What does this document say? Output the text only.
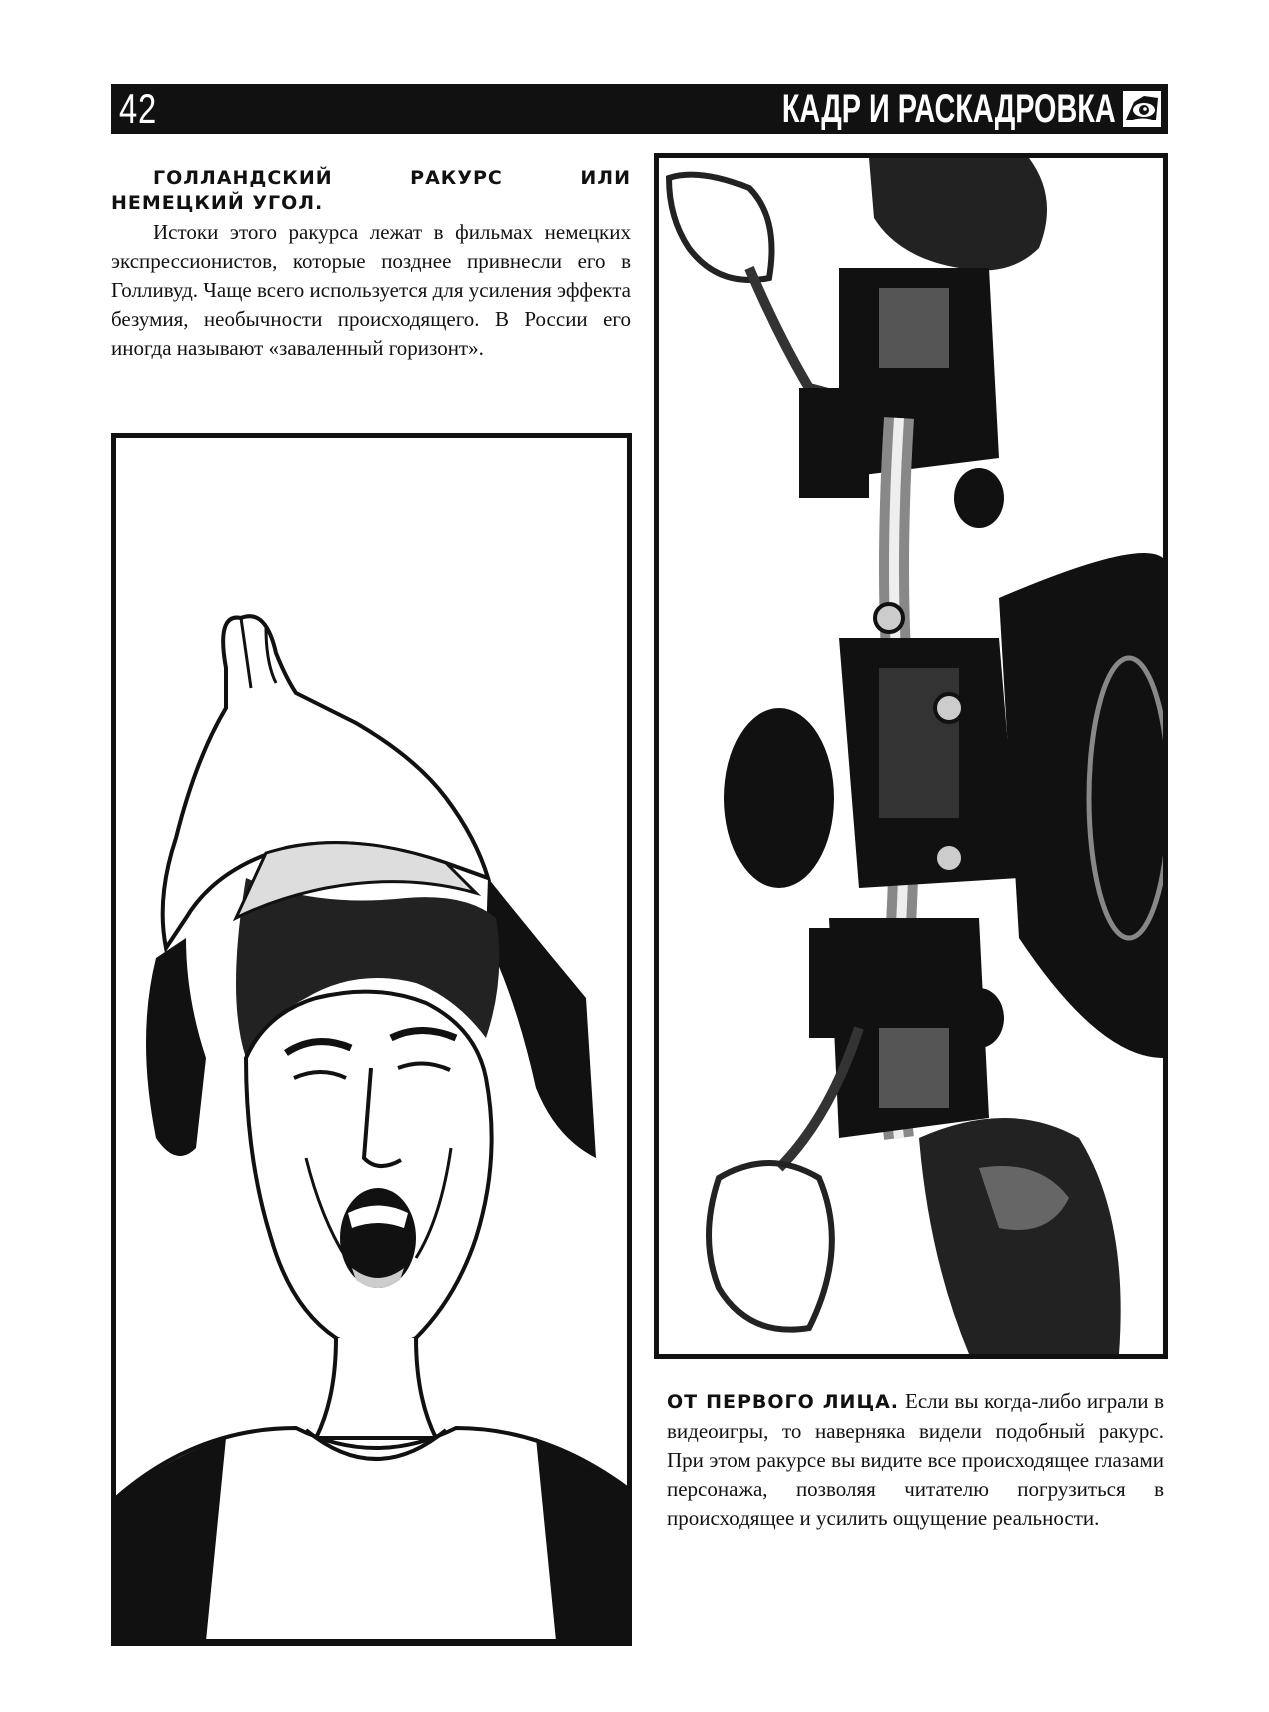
42	КАДР И РАСКАДРОВКА
ГОЛЛАНДСКИЙ РАКУРС ИЛИ НЕМЕЦКИЙ УГОЛ.

Истоки этого ракурса лежат в фильмах немецких экспрессионистов, которые позднее привнесли его в Голливуд. Чаще всего используется для усиления эффекта безумия, необычности происходящего. В России его иногда называют «заваленный горизонт».

ОТ ПЕРВОГО ЛИЦА. Если вы когда-либо играли в видеоигры, то наверняка видели подобный ракурс. При этом ракурсе вы видите все происходящее глазами персонажа, позволяя читателю погрузиться в происходящее и усилить ощущение реальности.
